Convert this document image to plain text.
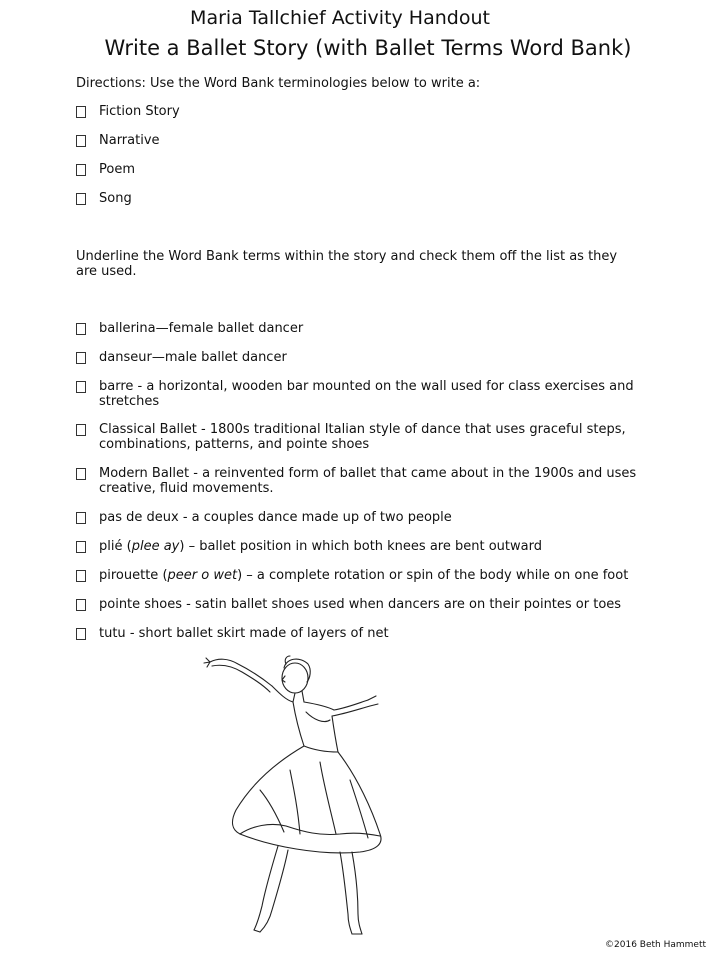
Maria Tallchief Activity Handout
Write a Ballet Story (with Ballet Terms Word Bank)
Directions: Use the Word Bank terminologies below to write a:
Fiction Story
Narrative
Poem
Song
Underline the Word Bank terms within the story and check them off the list as they are used.
ballerina—female ballet dancer
danseur—male ballet dancer
barre - a horizontal, wooden bar mounted on the wall used for class exercises and stretches
Classical Ballet - 1800s traditional Italian style of dance that uses graceful steps, combinations, patterns, and pointe shoes
Modern Ballet - a reinvented form of ballet that came about in the 1900s and uses creative, fluid movements.
pas de deux - a couples dance made up of two people
plié (plee ay) – ballet position in which both knees are bent outward
pirouette (peer o wet) – a complete rotation or spin of the body while on one foot
pointe shoes - satin ballet shoes used when dancers are on their pointes or toes
tutu - short ballet skirt made of layers of net
©2016 Beth Hammett
